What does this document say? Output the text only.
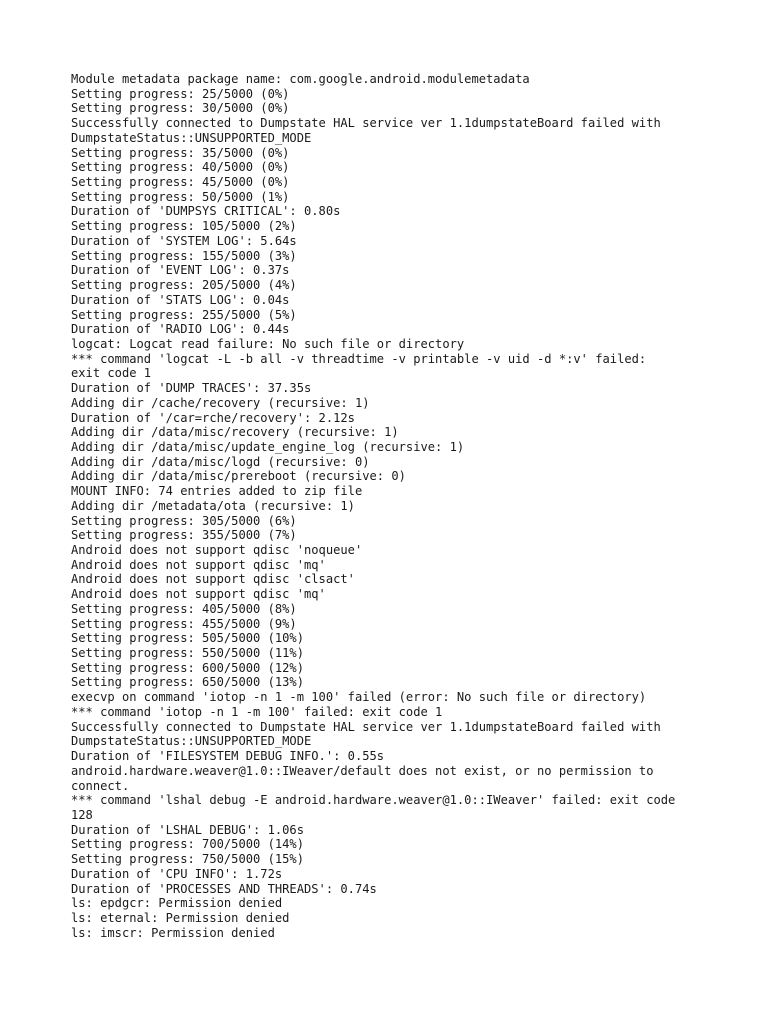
Module metadata package name: com.google.android.modulemetadata
Setting progress: 25/5000 (0%)
Setting progress: 30/5000 (0%)
Successfully connected to Dumpstate HAL service ver 1.1dumpstateBoard failed with
DumpstateStatus::UNSUPPORTED_MODE
Setting progress: 35/5000 (0%)
Setting progress: 40/5000 (0%)
Setting progress: 45/5000 (0%)
Setting progress: 50/5000 (1%)
Duration of 'DUMPSYS CRITICAL': 0.80s
Setting progress: 105/5000 (2%)
Duration of 'SYSTEM LOG': 5.64s
Setting progress: 155/5000 (3%)
Duration of 'EVENT LOG': 0.37s
Setting progress: 205/5000 (4%)
Duration of 'STATS LOG': 0.04s
Setting progress: 255/5000 (5%)
Duration of 'RADIO LOG': 0.44s
logcat: Logcat read failure: No such file or directory
*** command 'logcat -L -b all -v threadtime -v printable -v uid -d *:v' failed:
exit code 1
Duration of 'DUMP TRACES': 37.35s
Adding dir /cache/recovery (recursive: 1)
Duration of '/car=rche/recovery': 2.12s
Adding dir /data/misc/recovery (recursive: 1)
Adding dir /data/misc/update_engine_log (recursive: 1)
Adding dir /data/misc/logd (recursive: 0)
Adding dir /data/misc/prereboot (recursive: 0)
MOUNT INFO: 74 entries added to zip file
Adding dir /metadata/ota (recursive: 1)
Setting progress: 305/5000 (6%)
Setting progress: 355/5000 (7%)
Android does not support qdisc 'noqueue'
Android does not support qdisc 'mq'
Android does not support qdisc 'clsact'
Android does not support qdisc 'mq'
Setting progress: 405/5000 (8%)
Setting progress: 455/5000 (9%)
Setting progress: 505/5000 (10%)
Setting progress: 550/5000 (11%)
Setting progress: 600/5000 (12%)
Setting progress: 650/5000 (13%)
execvp on command 'iotop -n 1 -m 100' failed (error: No such file or directory)
*** command 'iotop -n 1 -m 100' failed: exit code 1
Successfully connected to Dumpstate HAL service ver 1.1dumpstateBoard failed with
DumpstateStatus::UNSUPPORTED_MODE
Duration of 'FILESYSTEM DEBUG INFO.': 0.55s
android.hardware.weaver@1.0::IWeaver/default does not exist, or no permission to
connect.
*** command 'lshal debug -E android.hardware.weaver@1.0::IWeaver' failed: exit code
128
Duration of 'LSHAL DEBUG': 1.06s
Setting progress: 700/5000 (14%)
Setting progress: 750/5000 (15%)
Duration of 'CPU INFO': 1.72s
Duration of 'PROCESSES AND THREADS': 0.74s
ls: epdgcr: Permission denied
ls: eternal: Permission denied
ls: imscr: Permission denied
